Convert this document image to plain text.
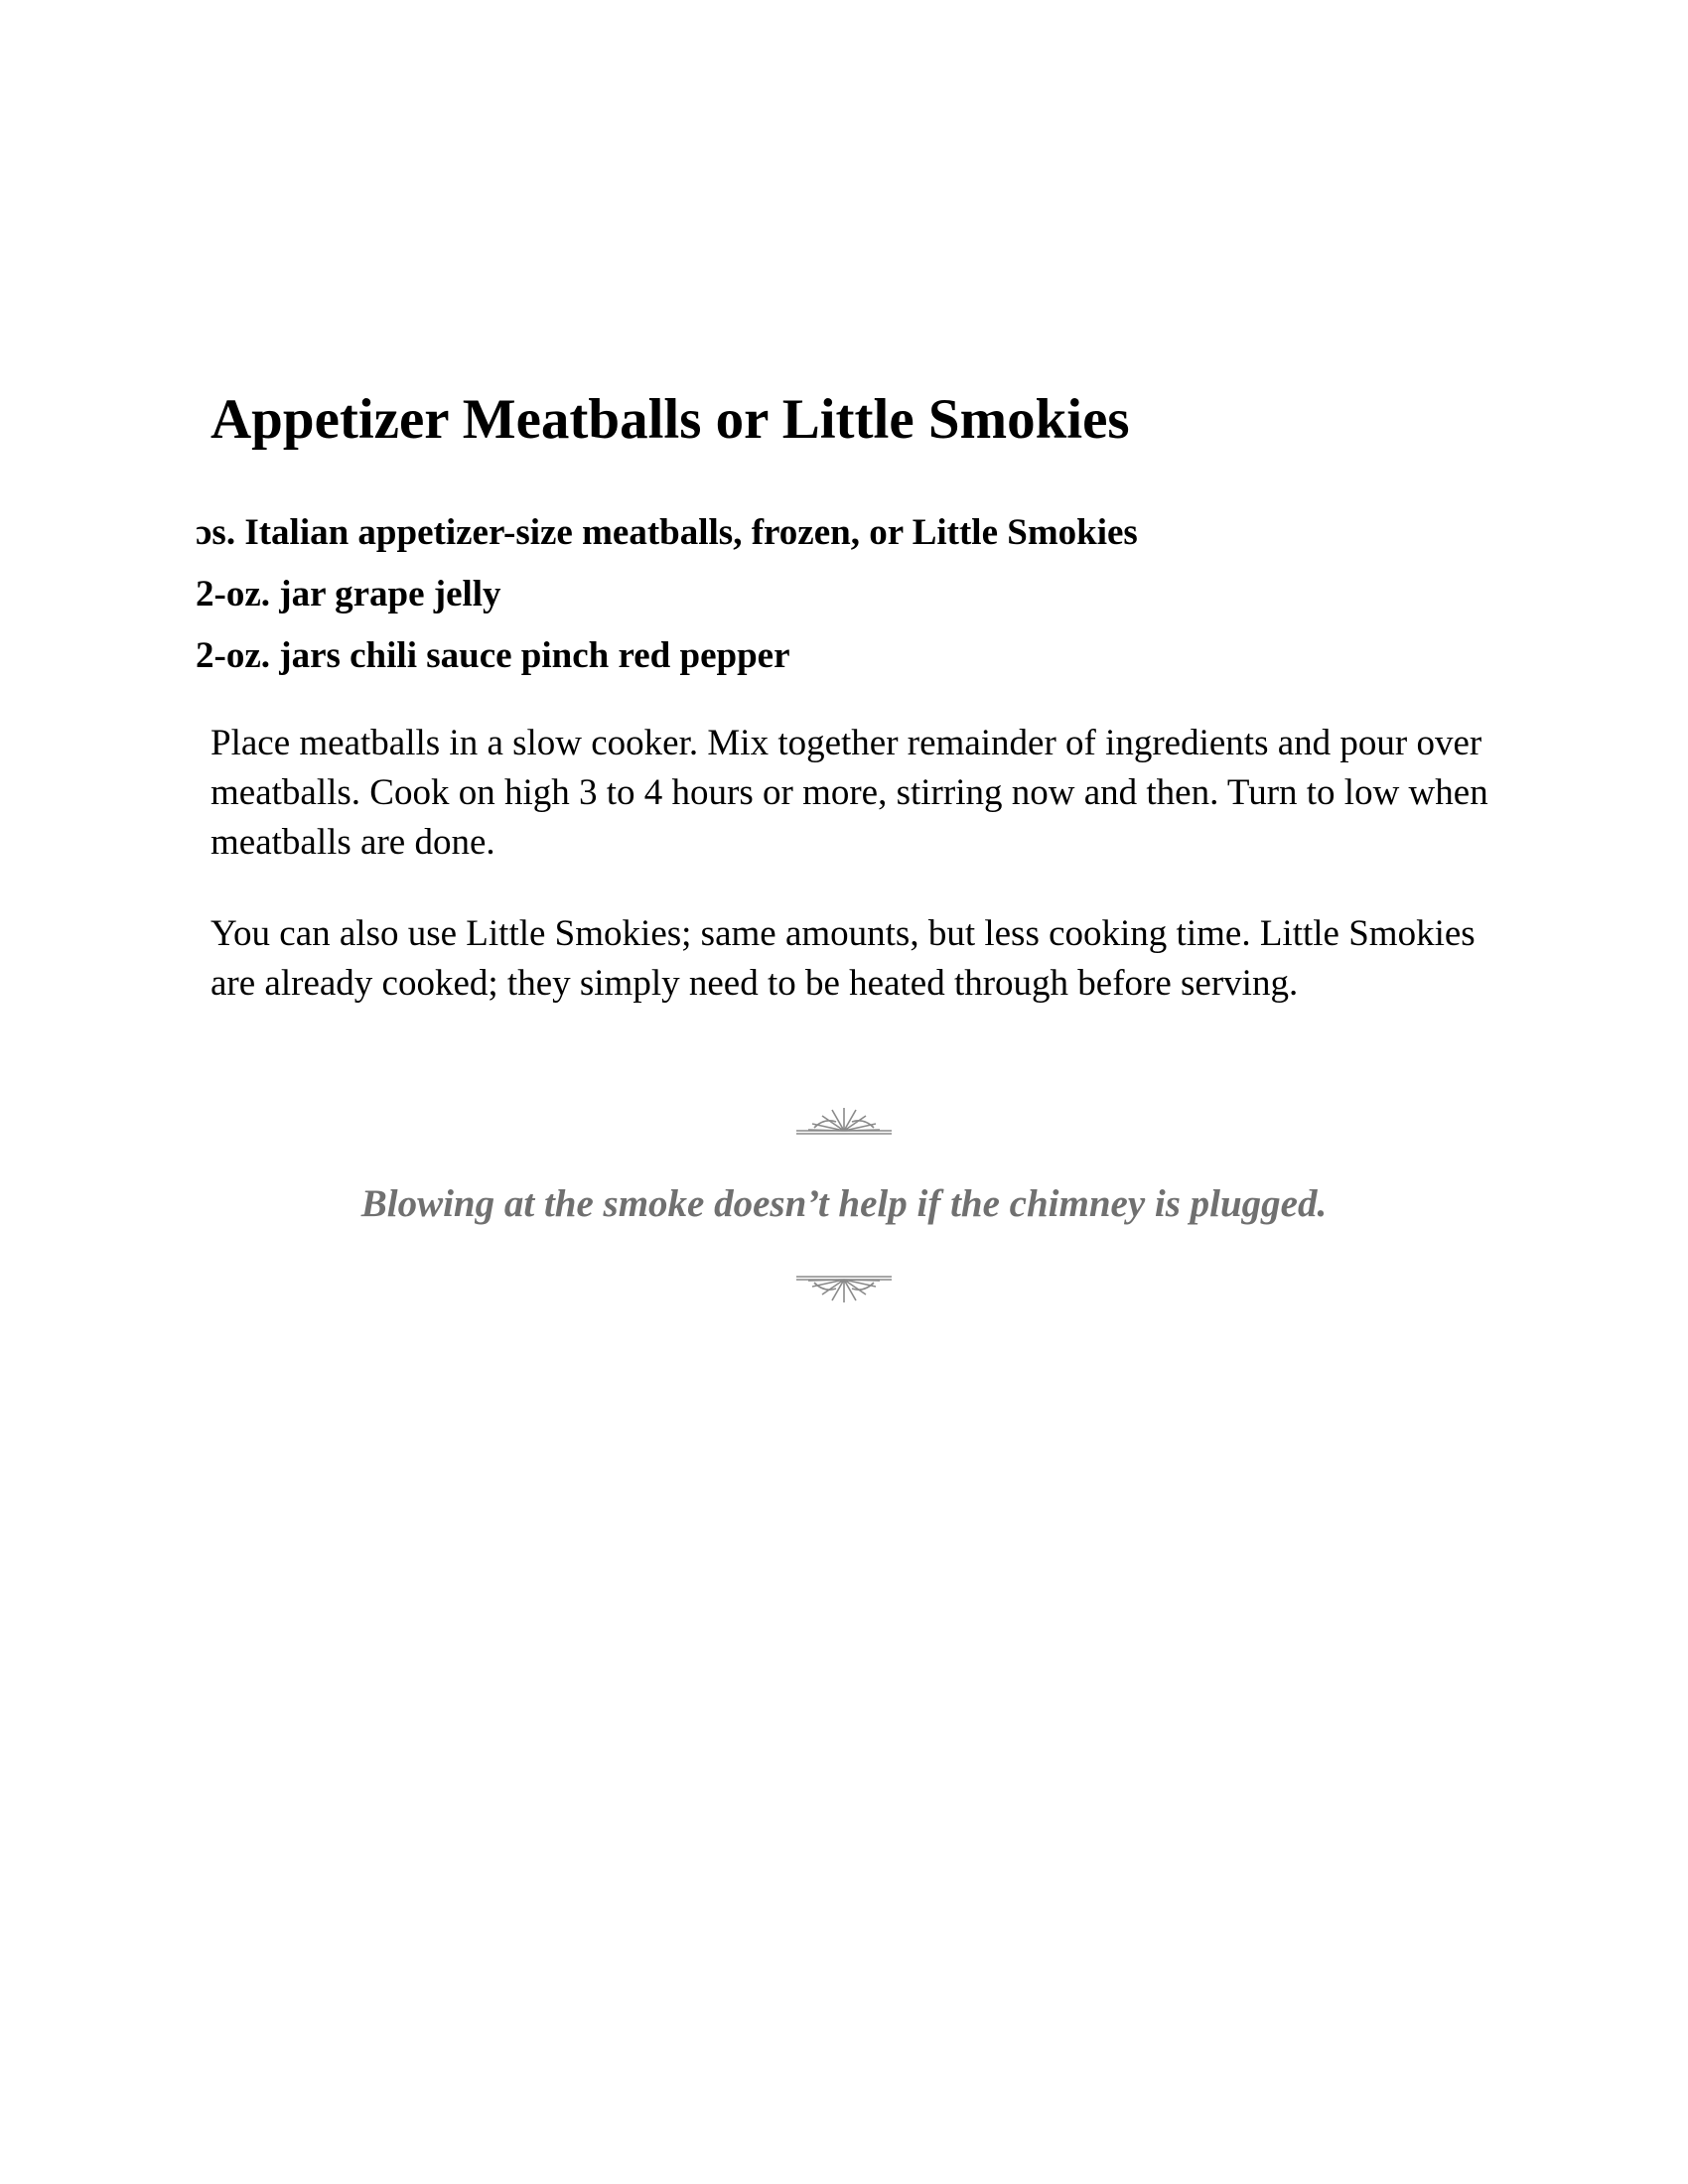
Appetizer Meatballs or Little Smokies
ɔs. Italian appetizer-size meatballs, frozen, or Little Smokies
2-oz. jar grape jelly
2-oz. jars chili sauce pinch red pepper

Place meatballs in a slow cooker. Mix together remainder of ingredients and pour over meatballs. Cook on high 3 to 4 hours or more, stirring now and then. Turn to low when meatballs are done.

You can also use Little Smokies; same amounts, but less cooking time. Little Smokies are already cooked; they simply need to be heated through before serving.

Blowing at the smoke doesn’t help if the chimney is plugged.
